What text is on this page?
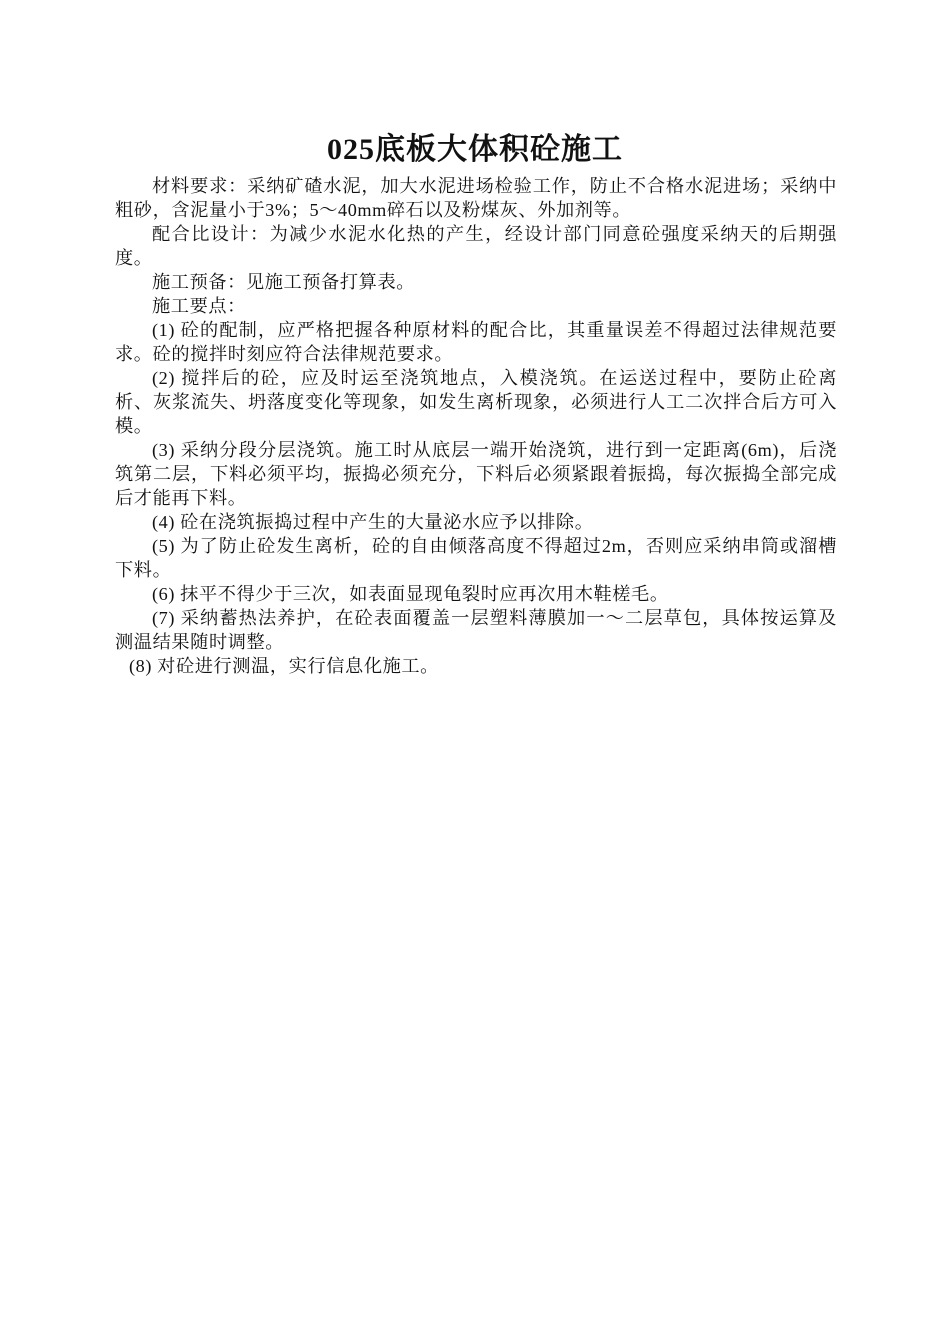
025底板大体积砼施工

材料要求：采纳矿碴水泥，加大水泥进场检验工作，防止不合格水泥进场；采纳中粗砂，含泥量小于3%；5～40mm碎石以及粉煤灰、外加剂等。

配合比设计：为减少水泥水化热的产生，经设计部门同意砼强度采纳天的后期强度。

施工预备：见施工预备打算表。

施工要点：

(1) 砼的配制，应严格把握各种原材料的配合比，其重量误差不得超过法律规范要求。砼的搅拌时刻应符合法律规范要求。

(2) 搅拌后的砼，应及时运至浇筑地点，入模浇筑。在运送过程中，要防止砼离析、灰浆流失、坍落度变化等现象，如发生离析现象，必须进行人工二次拌合后方可入模。

(3) 采纳分段分层浇筑。施工时从底层一端开始浇筑，进行到一定距离(6m)，后浇筑第二层，下料必须平均，振捣必须充分，下料后必须紧跟着振捣，每次振捣全部完成后才能再下料。

(4) 砼在浇筑振捣过程中产生的大量泌水应予以排除。

(5) 为了防止砼发生离析，砼的自由倾落高度不得超过2m，否则应采纳串筒或溜槽下料。

(6) 抹平不得少于三次，如表面显现龟裂时应再次用木鞋槎毛。

(7) 采纳蓄热法养护，在砼表面覆盖一层塑料薄膜加一～二层草包，具体按运算及测温结果随时调整。

(8) 对砼进行测温，实行信息化施工。
